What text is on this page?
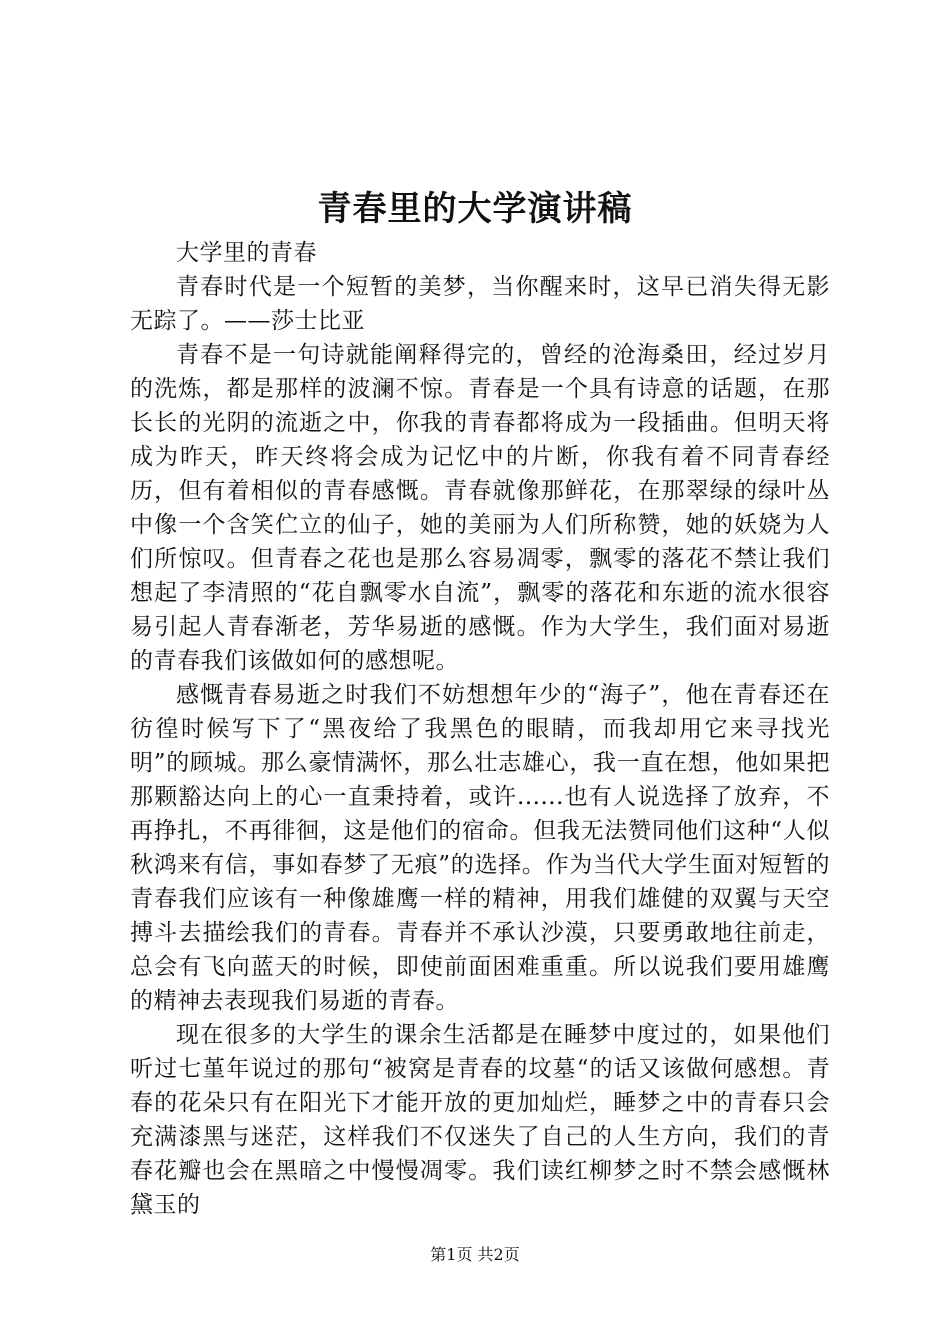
青春里的大学演讲稿

大学里的青春

青春时代是一个短暂的美梦，当你醒来时，这早已消失得无影无踪了。——莎士比亚

青春不是一句诗就能阐释得完的，曾经的沧海桑田，经过岁月的洗炼，都是那样的波澜不惊。青春是一个具有诗意的话题，在那长长的光阴的流逝之中，你我的青春都将成为一段插曲。但明天将成为昨天，昨天终将会成为记忆中的片断，你我有着不同青春经历，但有着相似的青春感慨。青春就像那鲜花，在那翠绿的绿叶丛中像一个含笑伫立的仙子，她的美丽为人们所称赞，她的妖娆为人们所惊叹。但青春之花也是那么容易凋零，飘零的落花不禁让我们想起了李清照的“花自飘零水自流”，飘零的落花和东逝的流水很容易引起人青春渐老，芳华易逝的感慨。作为大学生，我们面对易逝的青春我们该做如何的感想呢。

感慨青春易逝之时我们不妨想想年少的“海子”，他在青春还在彷徨时候写下了“黑夜给了我黑色的眼睛，而我却用它来寻找光明”的顾城。那么豪情满怀，那么壮志雄心，我一直在想，他如果把那颗豁达向上的心一直秉持着，或许......也有人说选择了放弃，不再挣扎，不再徘徊，这是他们的宿命。但我无法赞同他们这种“人似秋鸿来有信，事如春梦了无痕”的选择。作为当代大学生面对短暂的青春我们应该有一种像雄鹰一样的精神，用我们雄健的双翼与天空搏斗去描绘我们的青春。青春并不承认沙漠，只要勇敢地往前走，总会有飞向蓝天的时候，即使前面困难重重。所以说我们要用雄鹰的精神去表现我们易逝的青春。

现在很多的大学生的课余生活都是在睡梦中度过的，如果他们听过七堇年说过的那句“被窝是青春的坟墓“的话又该做何感想。青春的花朵只有在阳光下才能开放的更加灿烂，睡梦之中的青春只会充满漆黑与迷茫，这样我们不仅迷失了自己的人生方向，我们的青春花瓣也会在黑暗之中慢慢凋零。我们读红柳梦之时不禁会感慨林黛玉的

第1页 共2页
